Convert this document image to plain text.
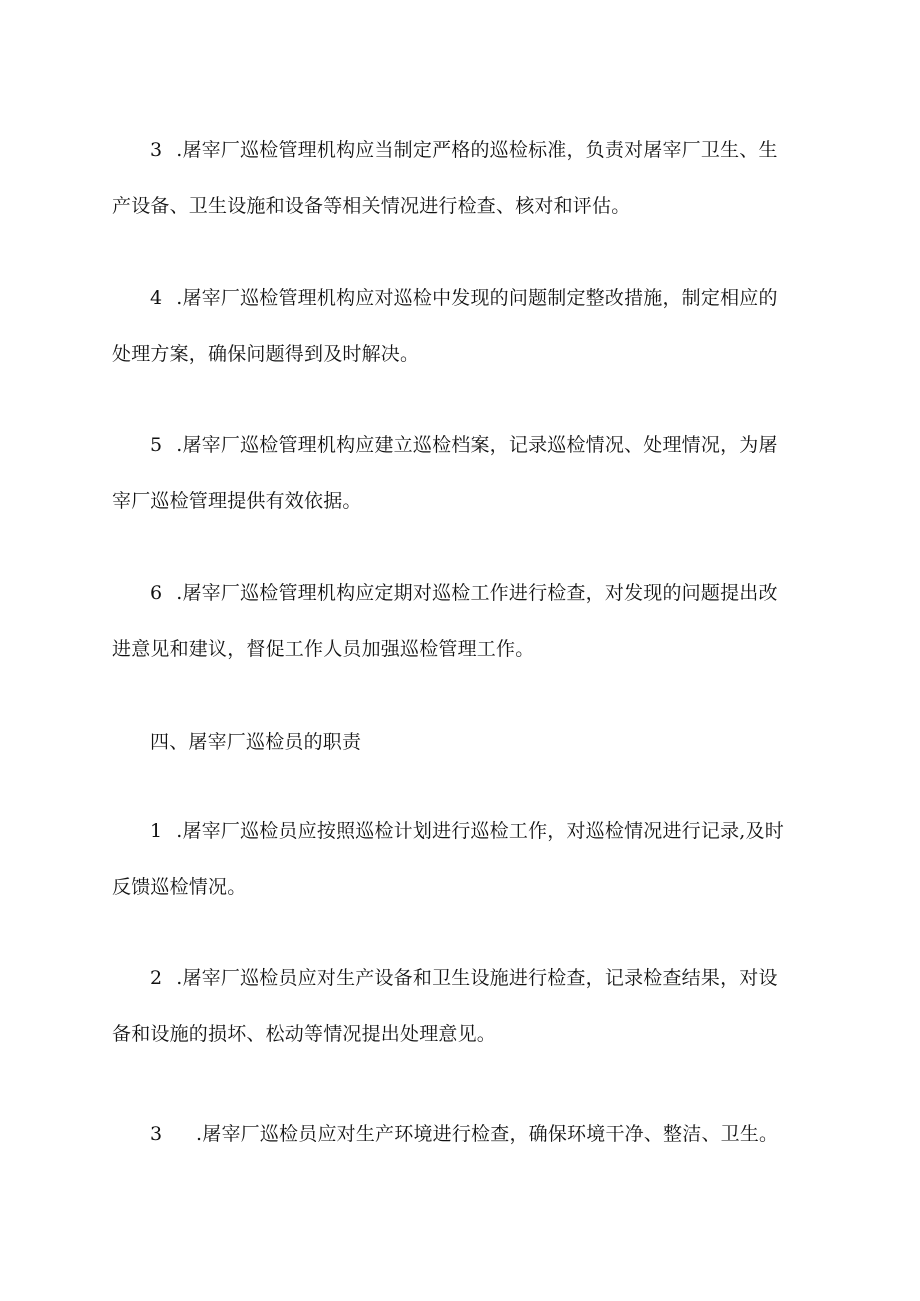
3 .屠宰厂巡检管理机构应当制定严格的巡检标准，负责对屠宰厂卫生、生
产设备、卫生设施和设备等相关情况进行检查、核对和评估。
4 .屠宰厂巡检管理机构应对巡检中发现的问题制定整改措施，制定相应的
处理方案，确保问题得到及时解决。
5 .屠宰厂巡检管理机构应建立巡检档案，记录巡检情况、处理情况，为屠
宰厂巡检管理提供有效依据。
6 .屠宰厂巡检管理机构应定期对巡检工作进行检查，对发现的问题提出改
进意见和建议，督促工作人员加强巡检管理工作。
四、屠宰厂巡检员的职责
1 .屠宰厂巡检员应按照巡检计划进行巡检工作，对巡检情况进行记录,及时
反馈巡检情况。
2 .屠宰厂巡检员应对生产设备和卫生设施进行检查，记录检查结果，对设
备和设施的损坏、松动等情况提出处理意见。
3 .屠宰厂巡检员应对生产环境进行检查，确保环境干净、整洁、卫生。
